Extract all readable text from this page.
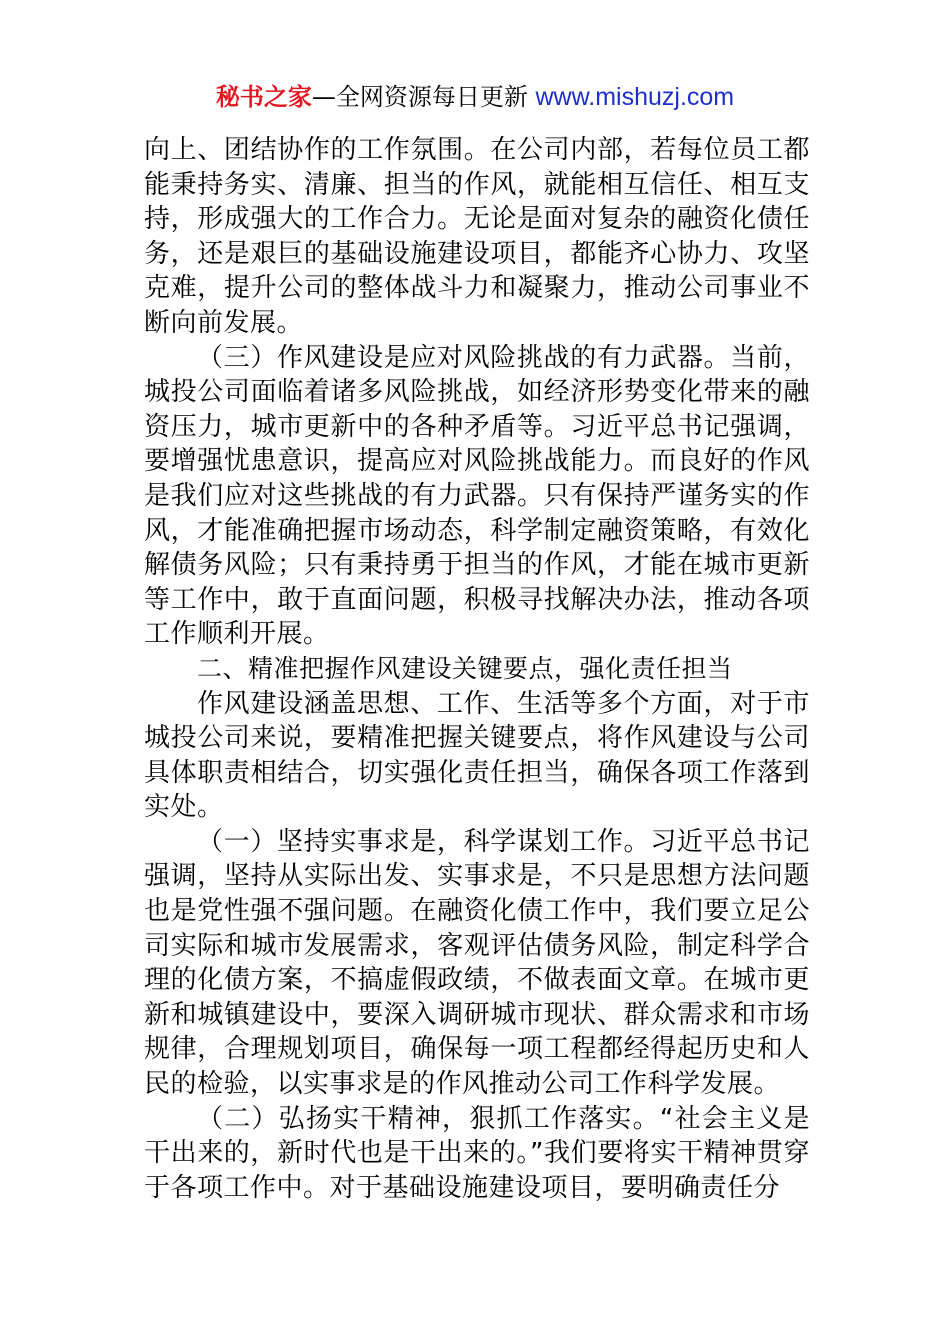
秘书之家—全网资源每日更新 www.mishuzj.com

向上、团结协作的工作氛围。在公司内部，若每位员工都能秉持务实、清廉、担当的作风，就能相互信任、相互支持，形成强大的工作合力。无论是面对复杂的融资化债任务，还是艰巨的基础设施建设项目，都能齐心协力、攻坚克难，提升公司的整体战斗力和凝聚力，推动公司事业不断向前发展。

（三）作风建设是应对风险挑战的有力武器。当前，城投公司面临着诸多风险挑战，如经济形势变化带来的融资压力，城市更新中的各种矛盾等。习近平总书记强调，要增强忧患意识，提高应对风险挑战能力。而良好的作风是我们应对这些挑战的有力武器。只有保持严谨务实的作风，才能准确把握市场动态，科学制定融资策略，有效化解债务风险；只有秉持勇于担当的作风，才能在城市更新等工作中，敢于直面问题，积极寻找解决办法，推动各项工作顺利开展。

二、精准把握作风建设关键要点，强化责任担当

作风建设涵盖思想、工作、生活等多个方面，对于市城投公司来说，要精准把握关键要点，将作风建设与公司具体职责相结合，切实强化责任担当，确保各项工作落到实处。

（一）坚持实事求是，科学谋划工作。习近平总书记强调，坚持从实际出发、实事求是，不只是思想方法问题也是党性强不强问题。在融资化债工作中，我们要立足公司实际和城市发展需求，客观评估债务风险，制定科学合理的化债方案，不搞虚假政绩，不做表面文章。在城市更新和城镇建设中，要深入调研城市现状、群众需求和市场规律，合理规划项目，确保每一项工程都经得起历史和人民的检验，以实事求是的作风推动公司工作科学发展。

（二）弘扬实干精神，狠抓工作落实。“社会主义是干出来的，新时代也是干出来的。”我们要将实干精神贯穿于各项工作中。对于基础设施建设项目，要明确责任分
